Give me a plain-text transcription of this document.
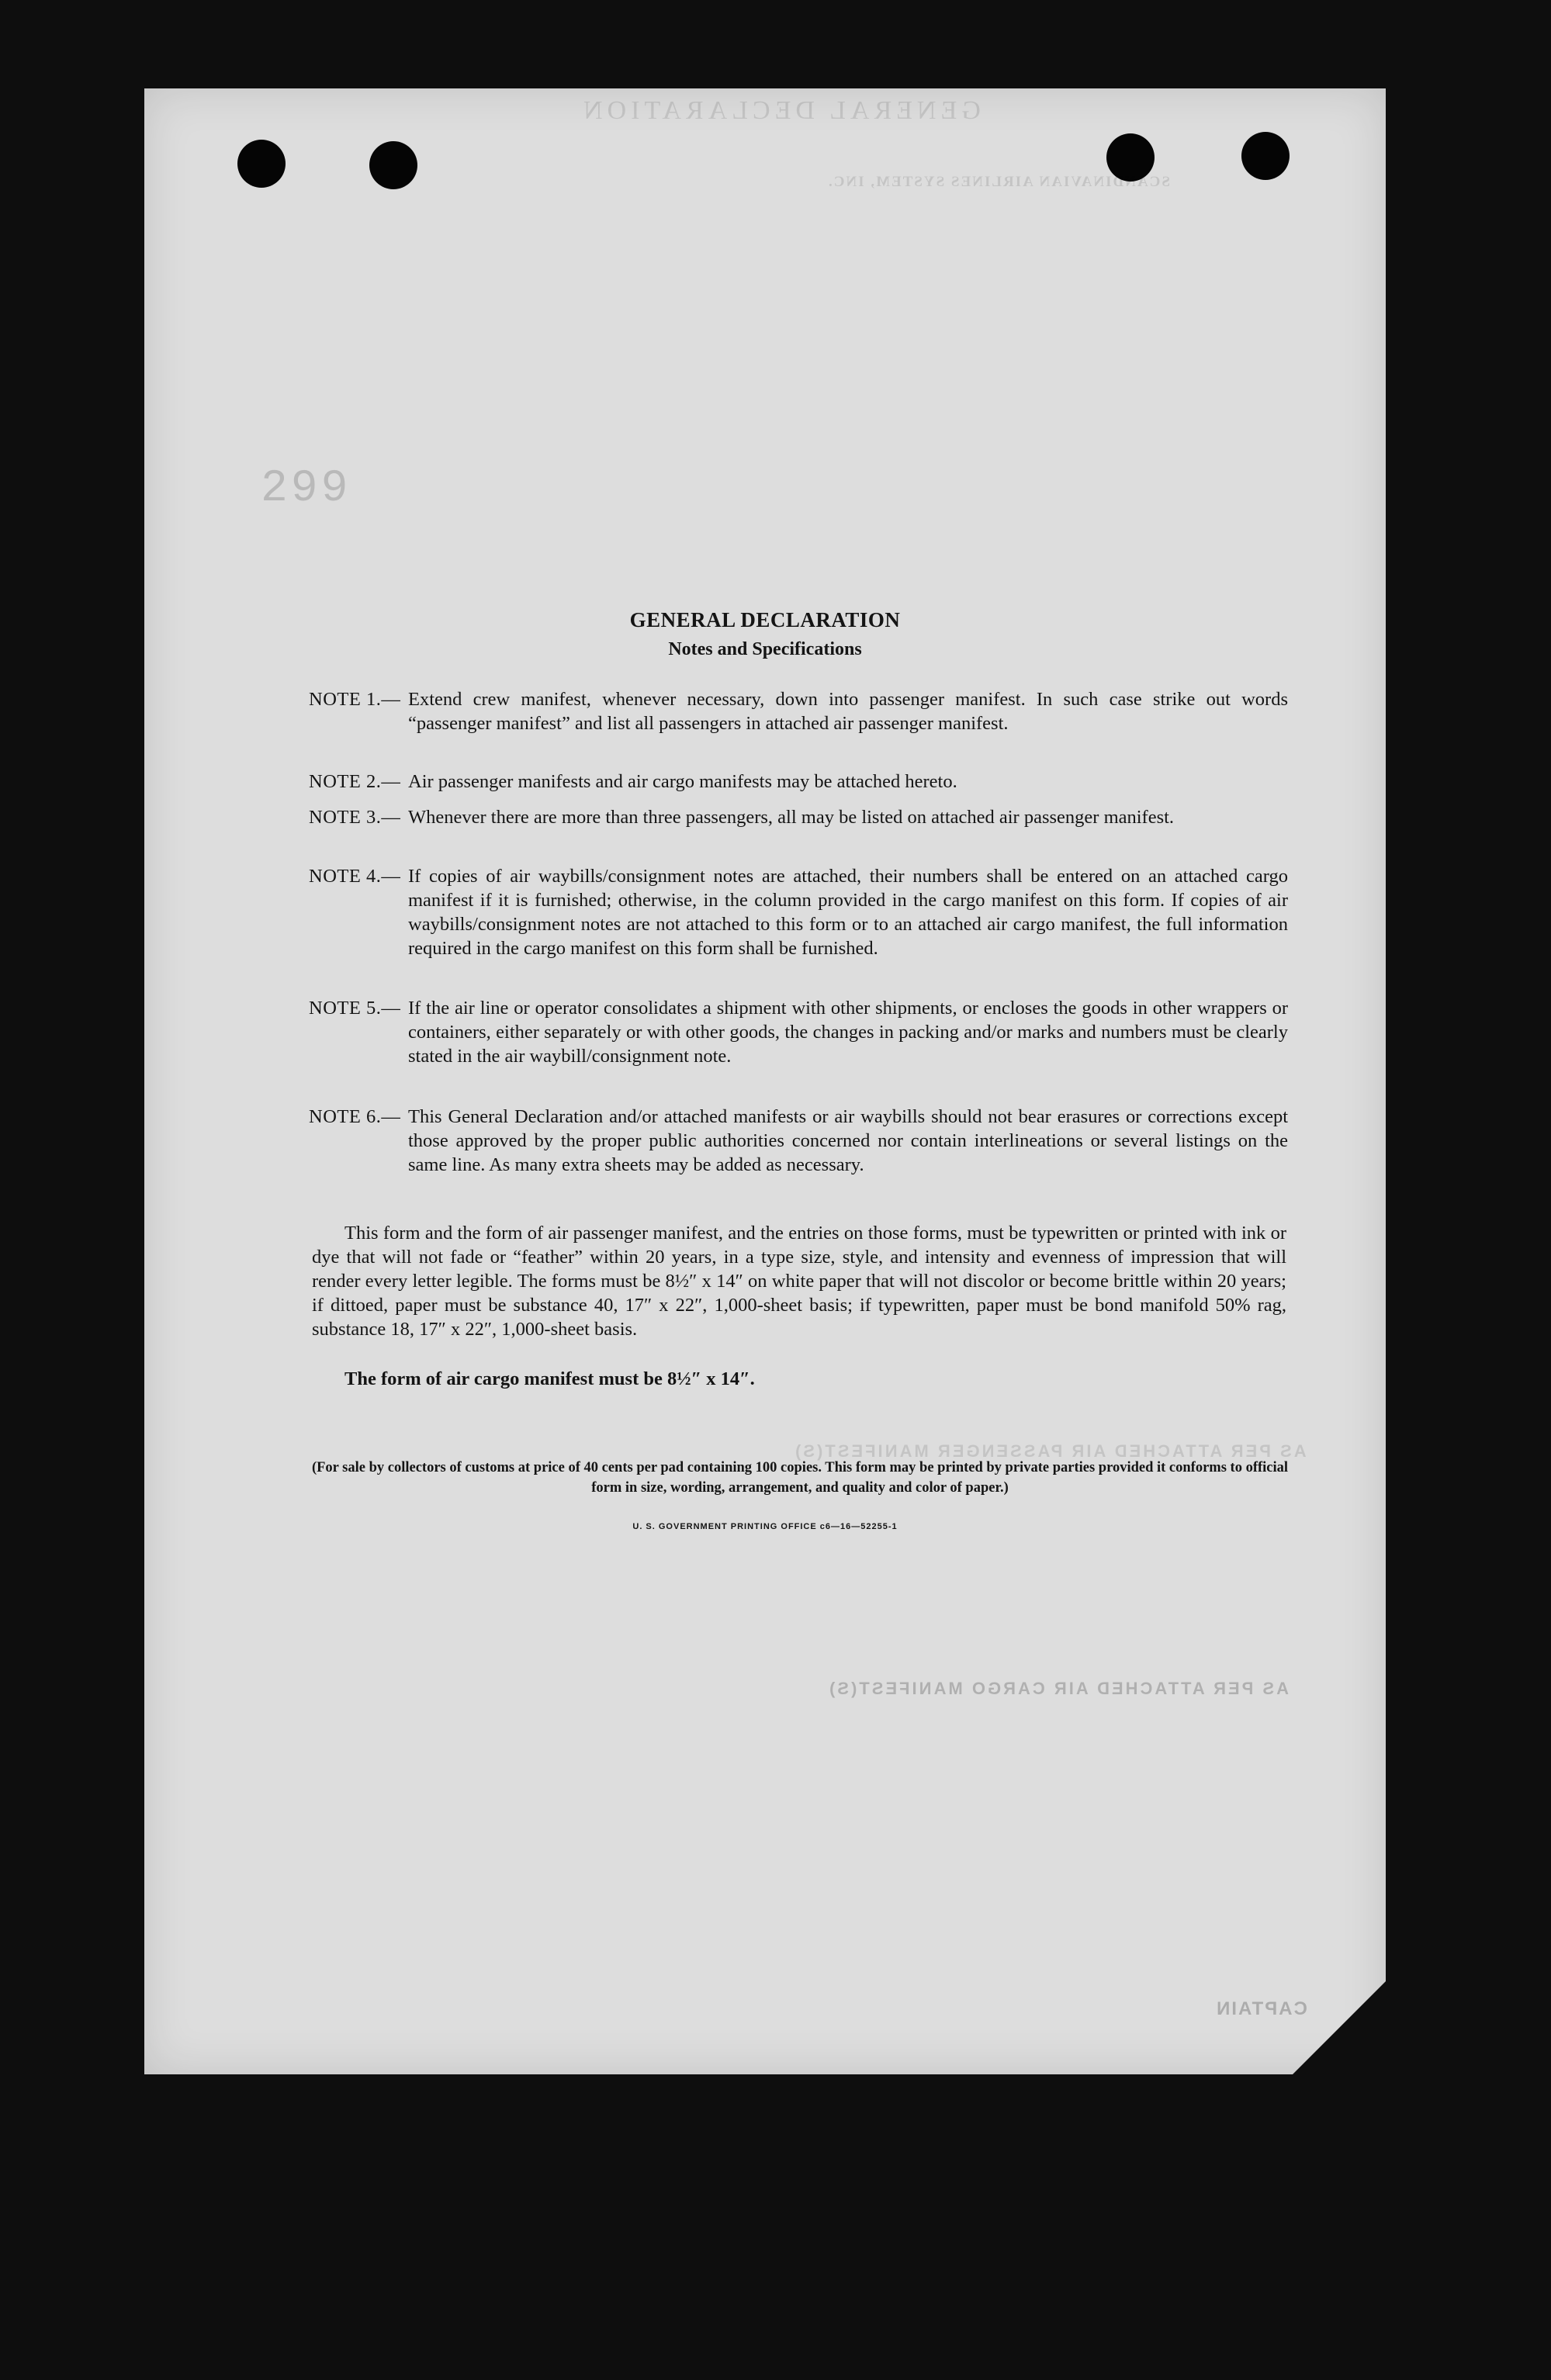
GENERAL DECLARATION
SCANDINAVIAN AIRLINES SYSTEM, INC.
299
AS PER ATTACHED AIR PASSENGER MANIFEST(S)
AS PER ATTACHED AIR CARGO MANIFEST(S)
CAPTAIN
GENERAL DECLARATION
Notes and Specifications
NOTE 1.— Extend crew manifest, whenever necessary, down into passenger manifest. In such case strike out words “passenger manifest” and list all passengers in attached air passenger manifest.
NOTE 2.— Air passenger manifests and air cargo manifests may be attached hereto.
NOTE 3.— Whenever there are more than three passengers, all may be listed on attached air passenger manifest.
NOTE 4.— If copies of air waybills/consignment notes are attached, their numbers shall be entered on an attached cargo manifest if it is furnished; otherwise, in the column provided in the cargo manifest on this form. If copies of air waybills/consignment notes are not attached to this form or to an attached air cargo manifest, the full information required in the cargo manifest on this form shall be furnished.
NOTE 5.— If the air line or operator consolidates a shipment with other shipments, or encloses the goods in other wrappers or containers, either separately or with other goods, the changes in packing and/or marks and numbers must be clearly stated in the air waybill/consignment note.
NOTE 6.— This General Declaration and/or attached manifests or air waybills should not bear erasures or corrections except those approved by the proper public authorities concerned nor contain interlineations or several listings on the same line. As many extra sheets may be added as necessary.
This form and the form of air passenger manifest, and the entries on those forms, must be typewritten or printed with ink or dye that will not fade or “feather” within 20 years, in a type size, style, and intensity and evenness of impression that will render every letter legible. The forms must be 8½″ x 14″ on white paper that will not discolor or become brittle within 20 years; if dittoed, paper must be substance 40, 17″ x 22″, 1,000-sheet basis; if typewritten, paper must be bond manifold 50% rag, substance 18, 17″ x 22″, 1,000-sheet basis.
The form of air cargo manifest must be 8½″ x 14″.
(For sale by collectors of customs at price of 40 cents per pad containing 100 copies. This form may be printed by private parties provided it conforms to official form in size, wording, arrangement, and quality and color of paper.)
U. S. GOVERNMENT PRINTING OFFICE c6—16—52255-1
